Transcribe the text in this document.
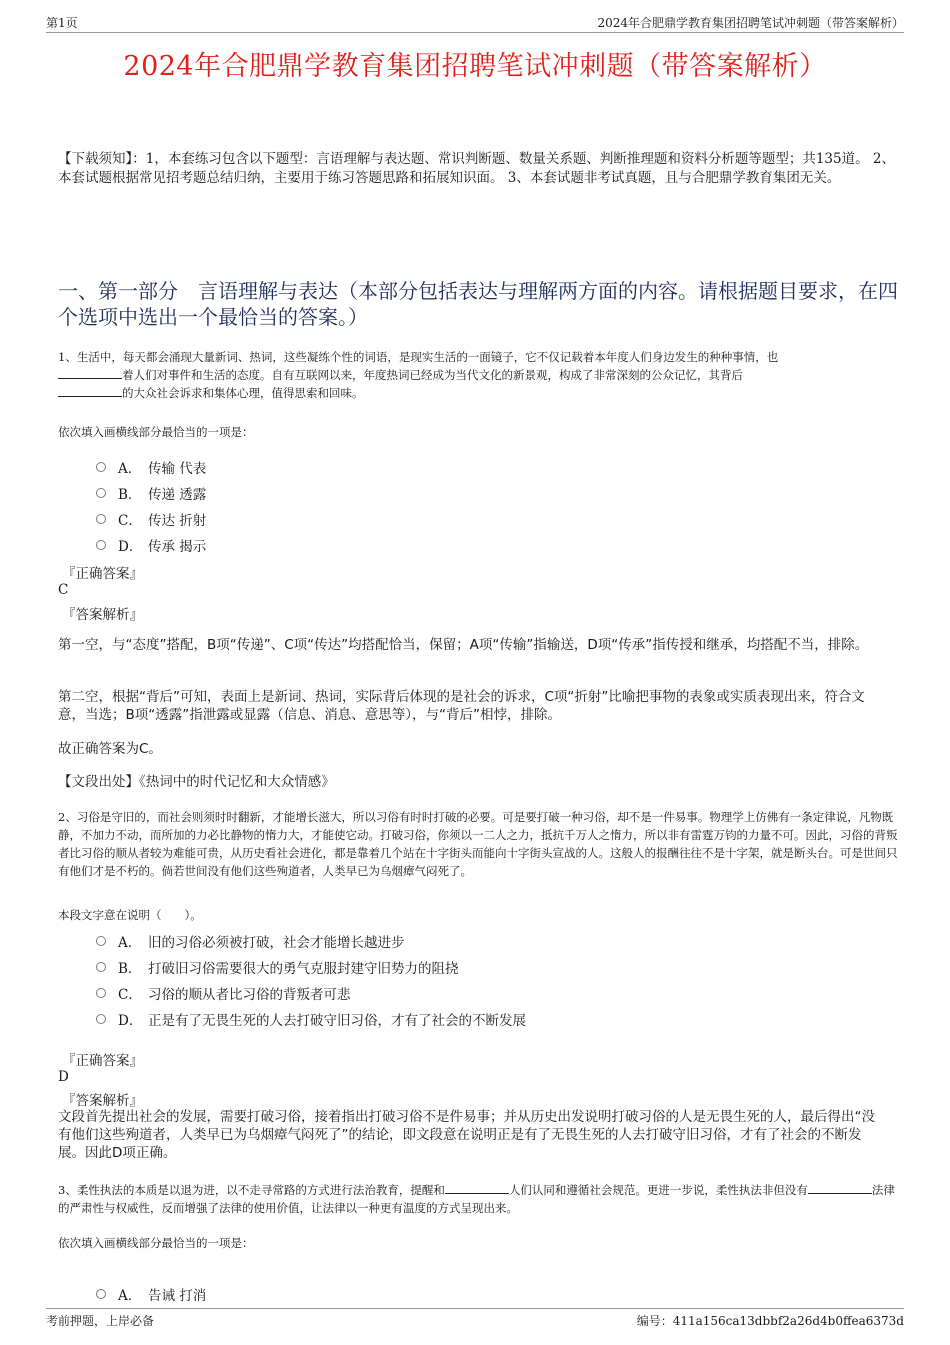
第1页	2024年合肥鼎学教育集团招聘笔试冲刺题（带答案解析）
2024年合肥鼎学教育集团招聘笔试冲刺题（带答案解析）
【下载须知】：1，本套练习包含以下题型：言语理解与表达题、常识判断题、数量关系题、判断推理题和资料分析题等题型；共135道。 2、本套试题根据常见招考题总结归纳，主要用于练习答题思路和拓展知识面。 3、本套试题非考试真题，且与合肥鼎学教育集团无关。
一、第一部分　言语理解与表达（本部分包括表达与理解两方面的内容。请根据题目要求，在四个选项中选出一个最恰当的答案。）
1、生活中，每天都会涌现大量新词、热词，这些凝练个性的词语，是现实生活的一面镜子，它不仅记载着本年度人们身边发生的种种事情，也
着人们对事件和生活的态度。自有互联网以来，年度热词已经成为当代文化的新景观，构成了非常深刻的公众记忆，其背后
的大众社会诉求和集体心理，值得思索和回味。
依次填入画横线部分最恰当的一项是：
A． 传输 代表
B． 传递 透露
C． 传达 折射
D． 传承 揭示
『正确答案』
C
『答案解析』
第一空，与“态度”搭配，B项“传递”、C项“传达”均搭配恰当，保留；A项“传输”指输送，D项“传承”指传授和继承，均搭配不当，排除。
第二空，根据“背后”可知，表面上是新词、热词，实际背后体现的是社会的诉求，C项“折射”比喻把事物的表象或实质表现出来，符合文意，当选；B项“透露”指泄露或显露（信息、消息、意思等），与“背后”相悖，排除。
故正确答案为C。
【文段出处】《热词中的时代记忆和大众情感》
2、习俗是守旧的，而社会则须时时翻新，才能增长滋大，所以习俗有时时打破的必要。可是要打破一种习俗，却不是一件易事。物理学上仿佛有一条定律说，凡物既静，不加力不动，而所加的力必比静物的惰力大，才能使它动。打破习俗，你须以一二人之力，抵抗千万人之惰力，所以非有雷霆万钧的力量不可。因此，习俗的背叛者比习俗的顺从者较为难能可贵，从历史看社会进化，都是靠着几个站在十字街头而能向十字街头宣战的人。这般人的报酬往往不是十字架，就是断头台。可是世间只有他们才是不朽的。倘若世间没有他们这些殉道者，人类早已为乌烟瘴气闷死了。
本段文字意在说明（　　）。
A． 旧的习俗必须被打破，社会才能增长越进步
B． 打破旧习俗需要很大的勇气克服封建守旧势力的阻挠
C． 习俗的顺从者比习俗的背叛者可悲
D． 正是有了无畏生死的人去打破守旧习俗，才有了社会的不断发展
『正确答案』
D
『答案解析』
文段首先提出社会的发展，需要打破习俗，接着指出打破习俗不是件易事；并从历史出发说明打破习俗的人是无畏生死的人，最后得出“没有他们这些殉道者，人类早已为乌烟瘴气闷死了”的结论，即文段意在说明正是有了无畏生死的人去打破守旧习俗，才有了社会的不断发展。因此D项正确。
3、柔性执法的本质是以退为进，以不走寻常路的方式进行法治教育，提醒和	人们认同和遵循社会规范。更进一步说，柔性执法非但没有	法律的严肃性与权威性，反而增强了法律的使用价值，让法律以一种更有温度的方式呈现出来。
依次填入画横线部分最恰当的一项是：
A． 告诫 打消
考前押题，上岸必备	编号：411a156ca13dbbf2a26d4b0ffea6373d
